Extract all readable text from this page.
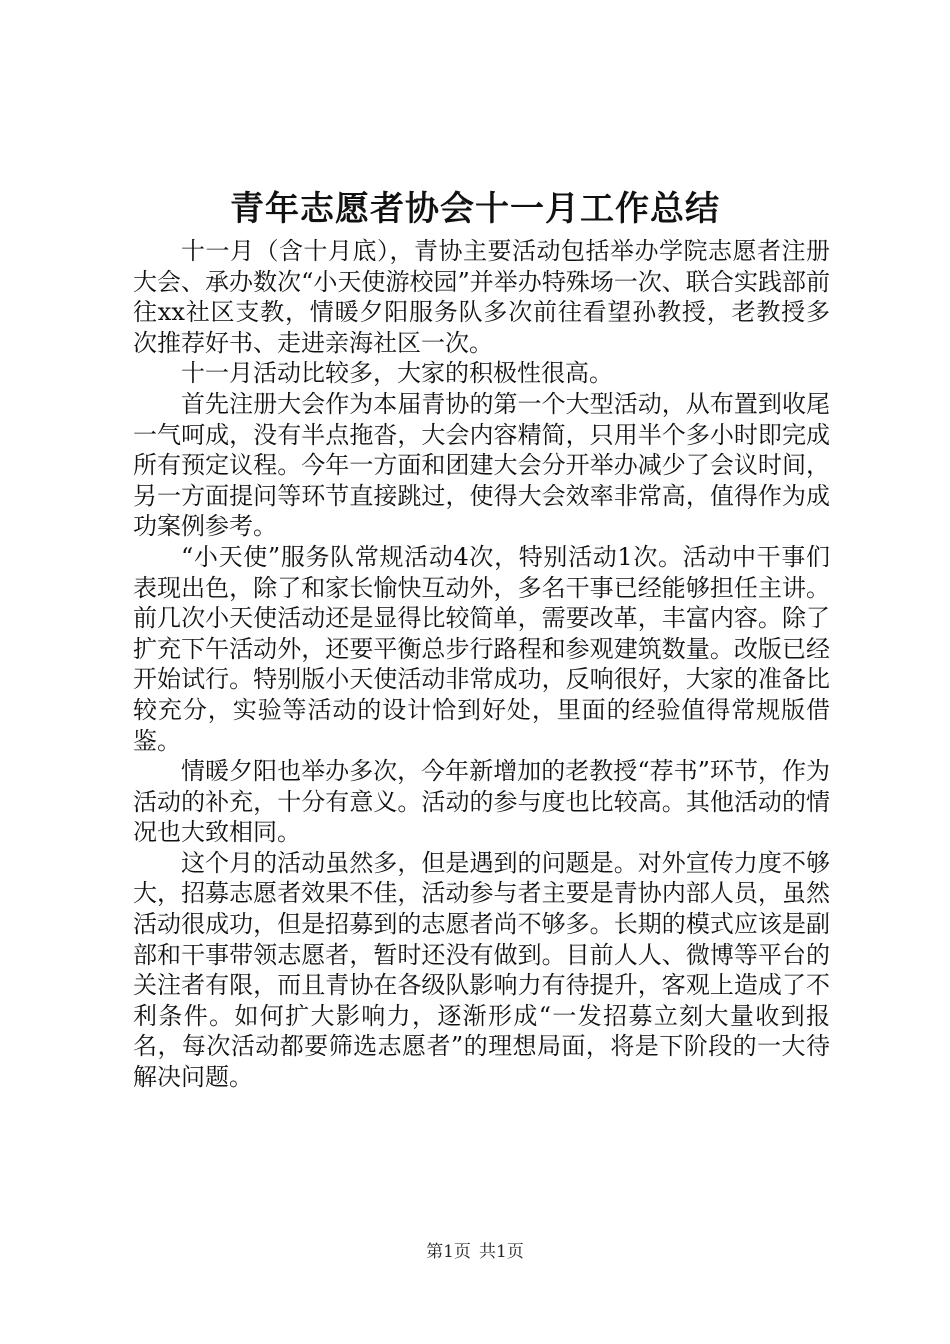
青年志愿者协会十一月工作总结

十一月（含十月底），青协主要活动包括举办学院志愿者注册大会、承办数次“小天使游校园”并举办特殊场一次、联合实践部前往xx社区支教，情暖夕阳服务队多次前往看望孙教授，老教授多次推荐好书、走进亲海社区一次。

十一月活动比较多，大家的积极性很高。

首先注册大会作为本届青协的第一个大型活动，从布置到收尾一气呵成，没有半点拖沓，大会内容精简，只用半个多小时即完成所有预定议程。今年一方面和团建大会分开举办减少了会议时间，另一方面提问等环节直接跳过，使得大会效率非常高，值得作为成功案例参考。

“小天使”服务队常规活动4次，特别活动1次。活动中干事们表现出色，除了和家长愉快互动外，多名干事已经能够担任主讲。前几次小天使活动还是显得比较简单，需要改革，丰富内容。除了扩充下午活动外，还要平衡总步行路程和参观建筑数量。改版已经开始试行。特别版小天使活动非常成功，反响很好，大家的准备比较充分，实验等活动的设计恰到好处，里面的经验值得常规版借鉴。

情暖夕阳也举办多次，今年新增加的老教授“荐书”环节，作为活动的补充，十分有意义。活动的参与度也比较高。其他活动的情况也大致相同。

这个月的活动虽然多，但是遇到的问题是。对外宣传力度不够大，招募志愿者效果不佳，活动参与者主要是青协内部人员，虽然活动很成功，但是招募到的志愿者尚不够多。长期的模式应该是副部和干事带领志愿者，暂时还没有做到。目前人人、微博等平台的关注者有限，而且青协在各级队影响力有待提升，客观上造成了不利条件。如何扩大影响力，逐渐形成“一发招募立刻大量收到报名，每次活动都要筛选志愿者”的理想局面，将是下阶段的一大待解决问题。

第1页 共1页
